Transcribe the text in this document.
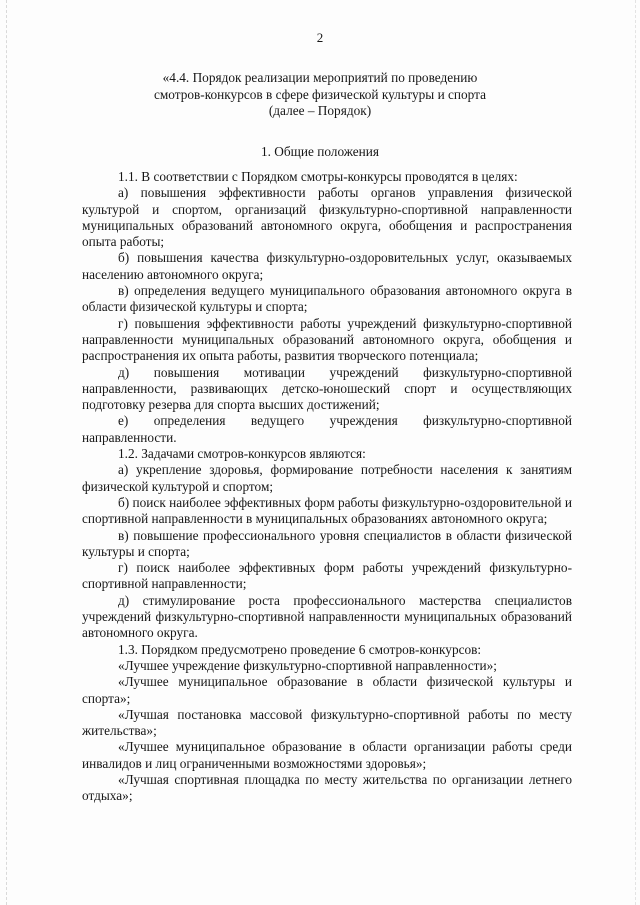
2
«4.4. Порядок реализации мероприятий по проведению
смотров-конкурсов в сфере физической культуры и спорта
(далее – Порядок)
1. Общие положения

1.1. В соответствии с Порядком смотры-конкурсы проводятся в целях:

а) повышения эффективности работы органов управления физической культурой и спортом, организаций физкультурно-спортивной направленности муниципальных образований автономного округа, обобщения и распространения опыта работы;

б) повышения качества физкультурно-оздоровительных услуг, оказываемых населению автономного округа;

в) определения ведущего муниципального образования автономного округа в области физической культуры и спорта;

г) повышения эффективности работы учреждений физкультурно-спортивной направленности муниципальных образований автономного округа, обобщения и распространения их опыта работы, развития творческого потенциала;

д) повышения мотивации учреждений физкультурно-спортивной направленности, развивающих детско-юношеский спорт и осуществляющих подготовку резерва для спорта высших достижений;

е) определения ведущего учреждения физкультурно-спортивной направленности.

1.2. Задачами смотров-конкурсов являются:

а) укрепление здоровья, формирование потребности населения к занятиям физической культурой и спортом;

б) поиск наиболее эффективных форм работы физкультурно-оздоровительной и спортивной направленности в муниципальных образованиях автономного округа;

в) повышение профессионального уровня специалистов в области физической культуры и спорта;

г) поиск наиболее эффективных форм работы учреждений физкультурно-спортивной направленности;

д) стимулирование роста профессионального мастерства специалистов учреждений физкультурно-спортивной направленности муниципальных образований автономного округа.

1.3. Порядком предусмотрено проведение 6 смотров-конкурсов:

«Лучшее учреждение физкультурно-спортивной направленности»;

«Лучшее муниципальное образование в области физической культуры и спорта»;

«Лучшая постановка массовой физкультурно-спортивной работы по месту жительства»;

«Лучшее муниципальное образование в области организации работы среди инвалидов и лиц ограниченными возможностями здоровья»;

«Лучшая спортивная площадка по месту жительства по организации летнего отдыха»;
